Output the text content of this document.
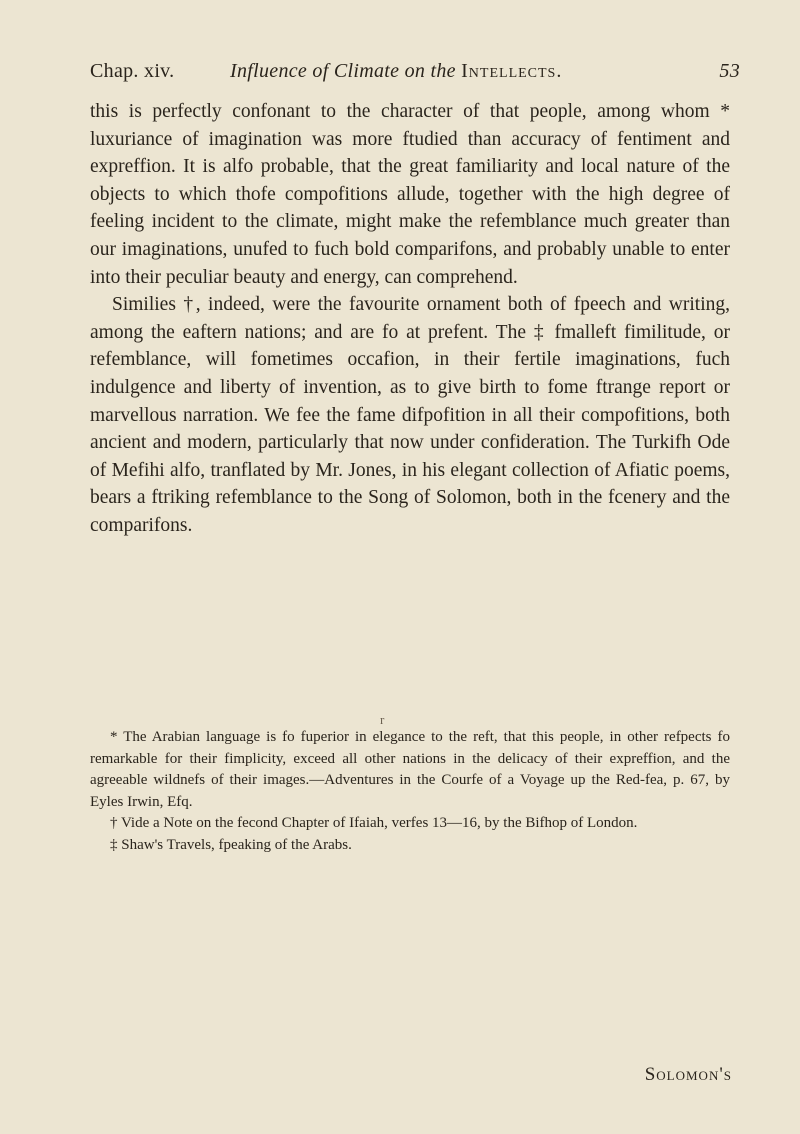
Chap. xiv.	Influence of Climate on the Intellects.	53

this is perfectly confonant to the character of that people, among whom * luxuriance of imagination was more ftudied than accuracy of fentiment and expreffion. It is alfo probable, that the great familiarity and local nature of the objects to which thofe compofitions allude, together with the high degree of feeling incident to the climate, might make the refemblance much greater than our imaginations, unufed to fuch bold comparifons, and probably unable to enter into their peculiar beauty and energy, can comprehend.

Similies †, indeed, were the favourite ornament both of fpeech and writing, among the eaftern nations; and are fo at prefent. The ‡ fmalleft fimilitude, or refemblance, will fometimes occafion, in their fertile imaginations, fuch indulgence and liberty of invention, as to give birth to fome ftrange report or marvellous narration. We fee the fame difpofition in all their compofitions, both ancient and modern, particularly that now under confideration. The Turkifh Ode of Mefihi alfo, tranflated by Mr. Jones, in his elegant collection of Afiatic poems, bears a ftriking refemblance to the Song of Solomon, both in the fcenery and the comparifons.

r

* The Arabian language is fo fuperior in elegance to the reft, that this people, in other refpects fo remarkable for their fimplicity, exceed all other nations in the delicacy of their expreffion, and the agreeable wildnefs of their images.—Adventures in the Courfe of a Voyage up the Red-fea, p. 67, by Eyles Irwin, Efq.

† Vide a Note on the fecond Chapter of Ifaiah, verfes 13—16, by the Bifhop of London.

‡ Shaw's Travels, fpeaking of the Arabs.

Solomon's
